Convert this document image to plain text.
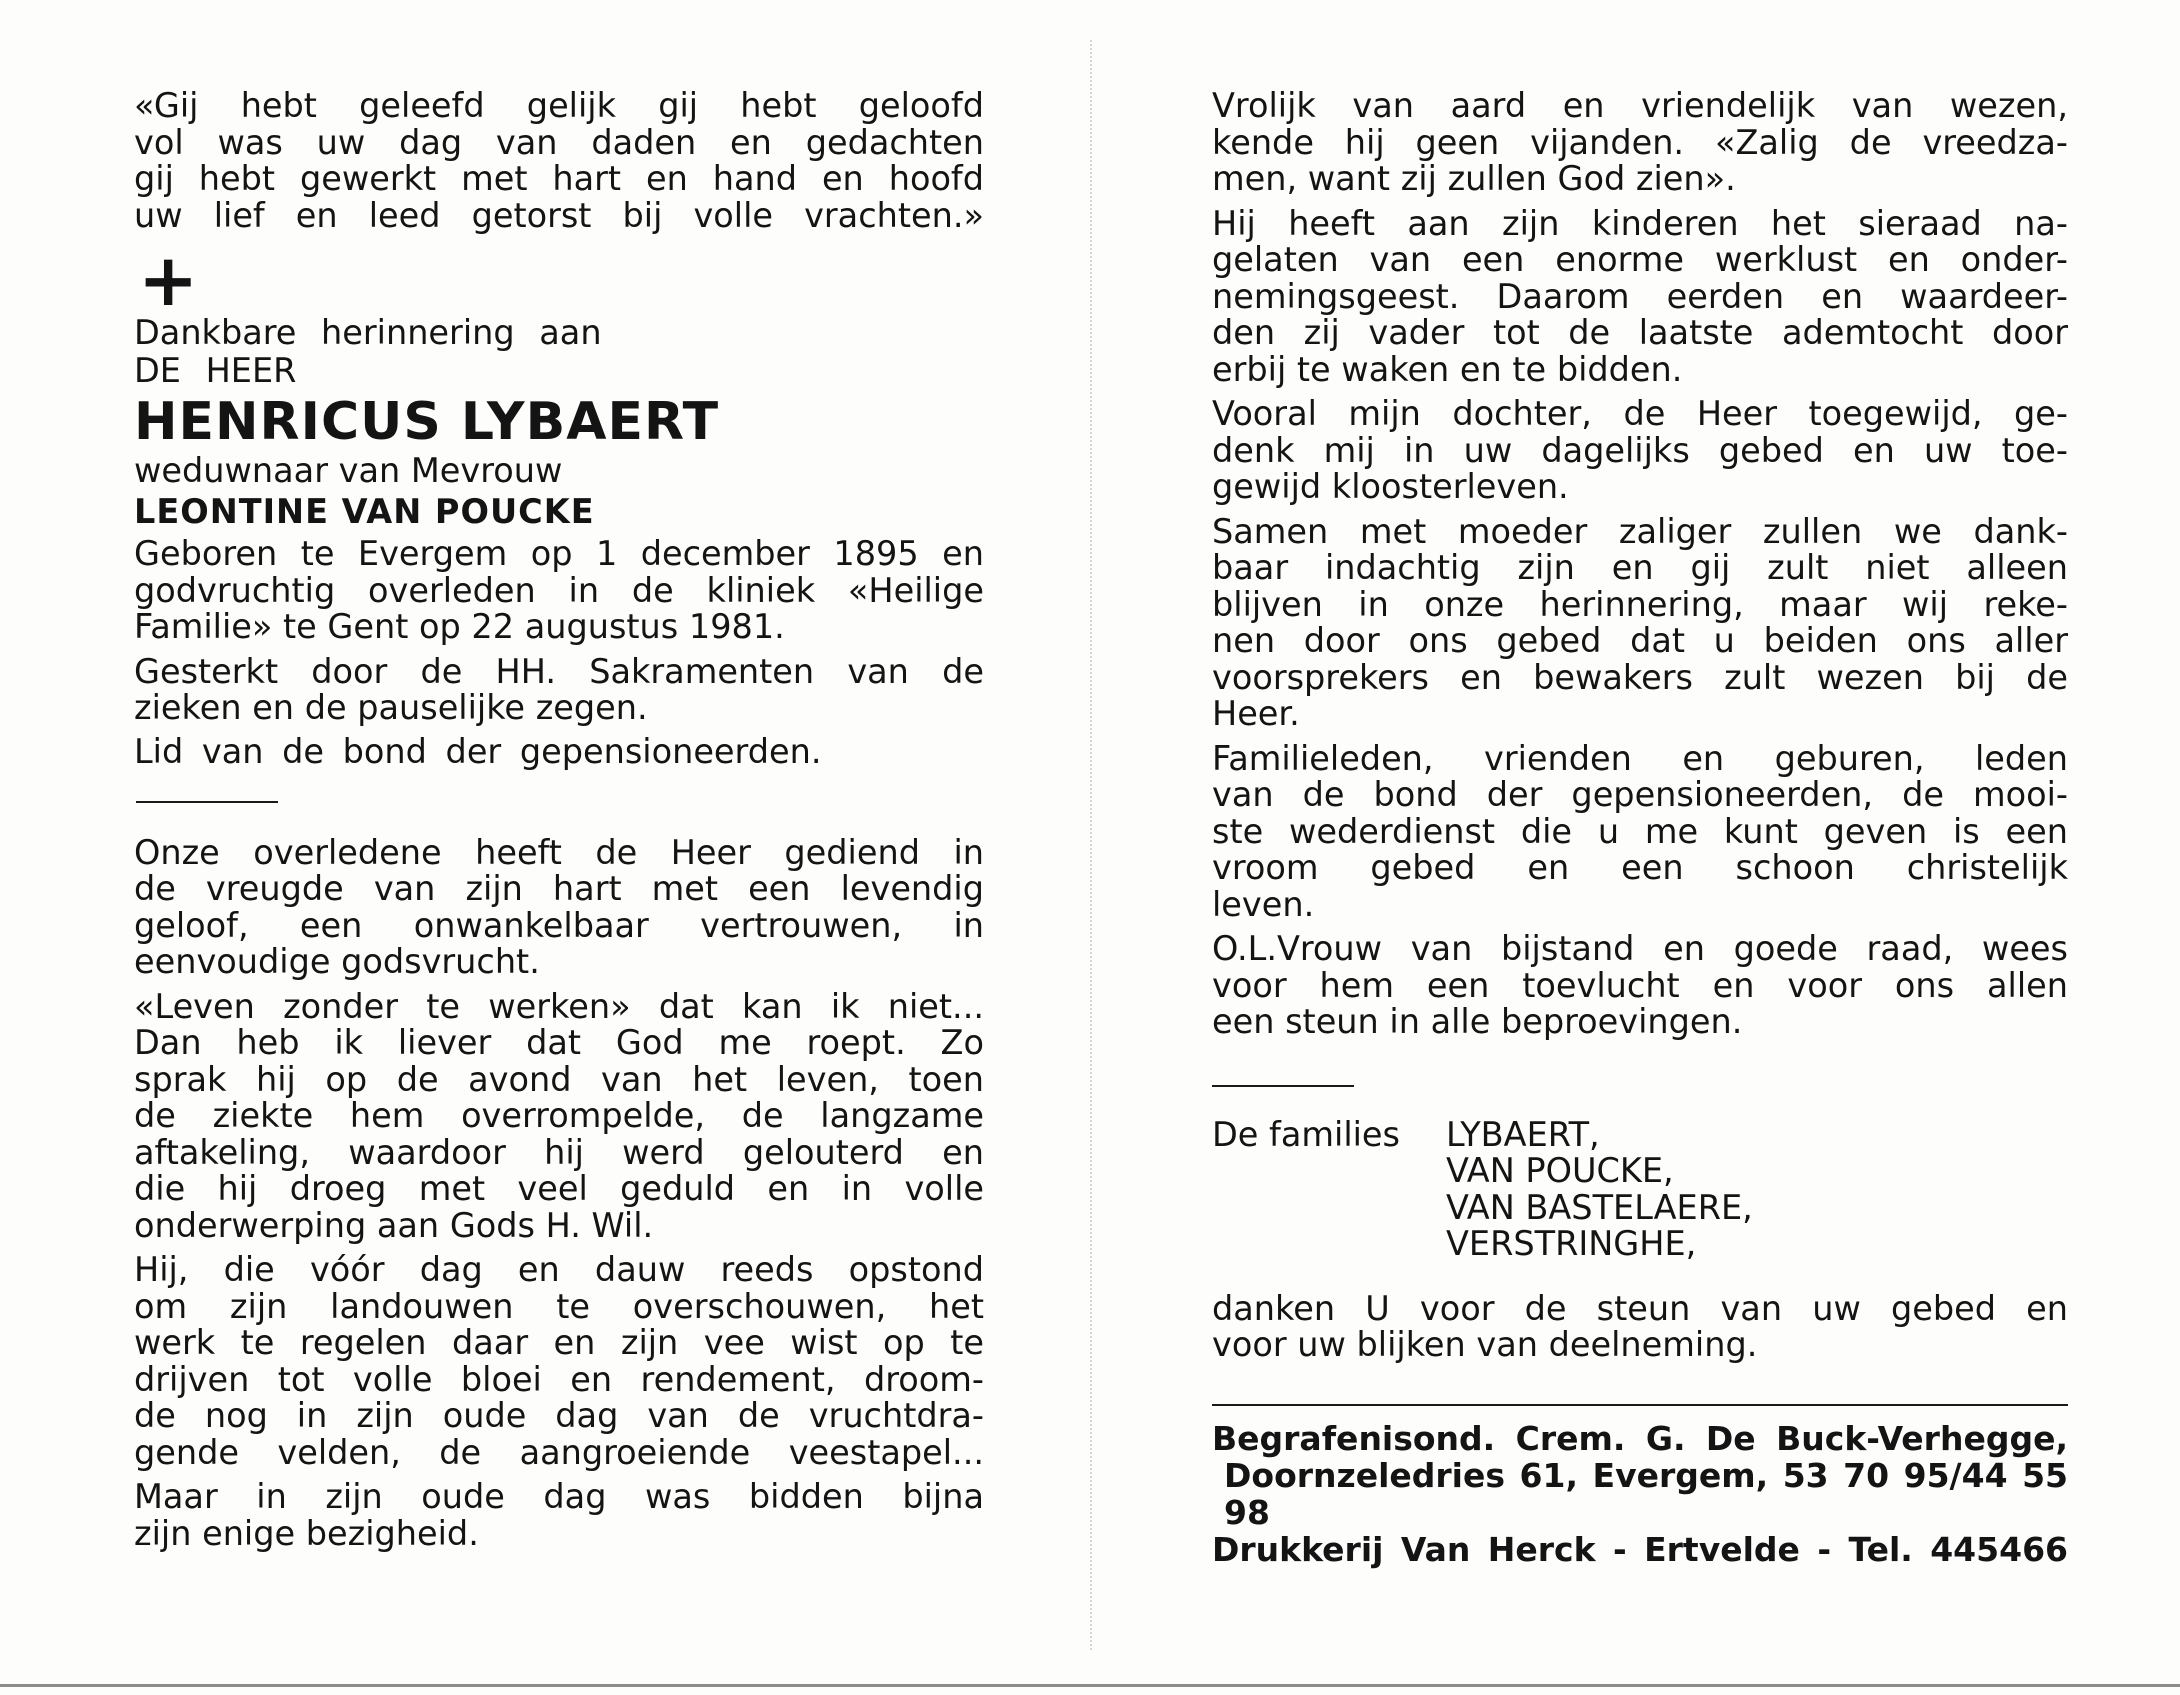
«Gij hebt geleefd gelijk gij hebt geloofd

vol was uw dag van daden en gedachten

gij hebt gewerkt met hart en hand en hoofd

uw lief en leed getorst bij volle vrachten.»

+

Dankbare herinnering aan

DE HEER

HENRICUS LYBAERT

weduwnaar van Mevrouw

LEONTINE VAN POUCKE

Geboren te Evergem op 1 december 1895 en
godvruchtig overleden in de kliniek «Heilige
Familie» te Gent op 22 augustus 1981.
Gesterkt door de HH. Sakramenten van de
zieken en de pauselijke zegen.

Lid van de bond der gepensioneerden.

Onze overledene heeft de Heer gediend in
de vreugde van zijn hart met een levendig
geloof, een onwankelbaar vertrouwen, in
eenvoudige godsvrucht.
«Leven zonder te werken» dat kan ik niet...
Dan heb ik liever dat God me roept. Zo
sprak hij op de avond van het leven, toen
de ziekte hem overrompelde, de langzame
aftakeling, waardoor hij werd gelouterd en
die hij droeg met veel geduld en in volle
onderwerping aan Gods H. Wil.
Hij, die vóór dag en dauw reeds opstond
om zijn landouwen te overschouwen, het
werk te regelen daar en zijn vee wist op te
drijven tot volle bloei en rendement, droom-
de nog in zijn oude dag van de vruchtdra-
gende velden, de aangroeiende veestapel...
Maar in zijn oude dag was bidden bijna
zijn enige bezigheid.
Vrolijk van aard en vriendelijk van wezen,
kende hij geen vijanden. «Zalig de vreedza-
men, want zij zullen God zien».
Hij heeft aan zijn kinderen het sieraad na-
gelaten van een enorme werklust en onder-
nemingsgeest. Daarom eerden en waardeer-
den zij vader tot de laatste ademtocht door
erbij te waken en te bidden.
Vooral mijn dochter, de Heer toegewijd, ge-
denk mij in uw dagelijks gebed en uw toe-
gewijd kloosterleven.
Samen met moeder zaliger zullen we dank-
baar indachtig zijn en gij zult niet alleen
blijven in onze herinnering, maar wij reke-
nen door ons gebed dat u beiden ons aller
voorsprekers en bewakers zult wezen bij de
Heer.
Familieleden, vrienden en geburen, leden
van de bond der gepensioneerden, de mooi-
ste wederdienst die u me kunt geven is een
vroom gebed en een schoon christelijk
leven.
O.L.Vrouw van bijstand en goede raad, wees
voor hem een toevlucht en voor ons allen
een steun in alle beproevingen.
De families	LYBAERT,
VAN POUCKE,
VAN BASTELAERE,
VERSTRINGHE,
danken U voor de steun van uw gebed en
voor uw blijken van deelneming.
Begrafenisond. Crem. G. De Buck-Verhegge,
Doornzeledries 61, Evergem, 53 70 95/44 55 98
Drukkerij Van Herck - Ertvelde - Tel. 445466
